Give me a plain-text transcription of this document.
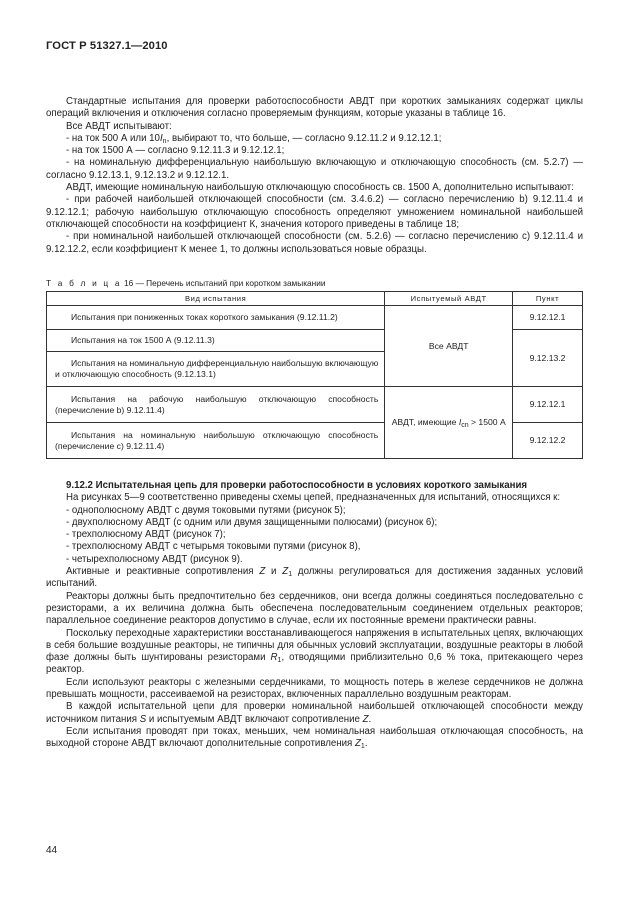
ГОСТ Р 51327.1—2010

Стандартные испытания для проверки работоспособности АВДТ при коротких замыканиях содержат циклы операций включения и отключения согласно проверяемым функциям, которые указаны в таблице 16.

Все АВДТ испытывают:

- на ток 500 А или $10I_n$, выбирают то, что больше, — согласно 9.12.11.2 и 9.12.12.1;

- на ток 1500 А — согласно 9.12.11.3 и 9.12.12.1;

- на номинальную дифференциальную наибольшую включающую и отключающую способность (см. 5.2.7) — согласно 9.12.13.1, 9.12.13.2 и 9.12.12.1.

АВДТ, имеющие номинальную наибольшую отключающую способность св. 1500 А, дополнительно испытывают:

- при рабочей наибольшей отключающей способности (см. 3.4.6.2) — согласно перечислению b) 9.12.11.4 и 9.12.12.1; рабочую наибольшую отключающую способность определяют умножением номинальной наибольшей отключающей способности на коэффициент К, значения которого приведены в таблице 18;

- при номинальной наибольшей отключающей способности (см. 5.2.6) — согласно перечислению с) 9.12.11.4 и 9.12.12.2, если коэффициент К менее 1, то должны использоваться новые образцы.

Т а б л и ц а 16 — Перечень испытаний при коротком замыкании
Вид испытания	Испытуемый АВДТ	Пункт

Испытания при пониженных токах короткого замыкания (9.12.11.2)	Все АВДТ	9.12.12.1

Испытания на ток 1500 А (9.12.11.3)		9.12.13.2

Испытания на номинальную дифференциальную наибольшую включающую и отключающую способность (9.12.13.1)		

Испытания на рабочую наибольшую отключающую способность (перечисление b) 9.12.11.4)	АВДТ, имеющие $I_{cn} > 1500$ А	9.12.12.1

Испытания на номинальную наибольшую отключающую способность (перечисление с) 9.12.11.4)		9.12.12.2

9.12.2 Испытательная цепь для проверки работоспособности в условиях короткого замыкания

На рисунках 5—9 соответственно приведены схемы цепей, предназначенных для испытаний, относящихся к:

- однополюсному АВДТ с двумя токовыми путями (рисунок 5);

- двухполюсному АВДТ (с одним или двумя защищенными полюсами) (рисунок 6);

- трехполюсному АВДТ (рисунок 7);

- трехполюсному АВДТ с четырьмя токовыми путями (рисунок 8),

- четырехполюсному АВДТ (рисунок 9).

Активные и реактивные сопротивления Z и $Z_1$ должны регулироваться для достижения заданных условий испытаний.

Реакторы должны быть предпочтительно без сердечников, они всегда должны соединяться последовательно с резисторами, а их величина должна быть обеспечена последовательным соединением отдельных реакторов; параллельное соединение реакторов допустимо в случае, если их постоянные времени практически равны.

Поскольку переходные характеристики восстанавливающегося напряжения в испытательных цепях, включающих в себя большие воздушные реакторы, не типичны для обычных условий эксплуатации, воздушные реакторы в любой фазе должны быть шунтированы резисторами $R_1$, отводящими приблизительно 0,6 % тока, притекающего через реактор.

Если используют реакторы с железными сердечниками, то мощность потерь в железе сердечников не должна превышать мощности, рассеиваемой на резисторах, включенных параллельно воздушным реакторам.

В каждой испытательной цепи для проверки номинальной наибольшей отключающей способности между источником питания S и испытуемым АВДТ включают сопротивление Z.

Если испытания проводят при токах, меньших, чем номинальная наибольшая отключающая способность, на выходной стороне АВДТ включают дополнительные сопротивления $Z_1$.

44
